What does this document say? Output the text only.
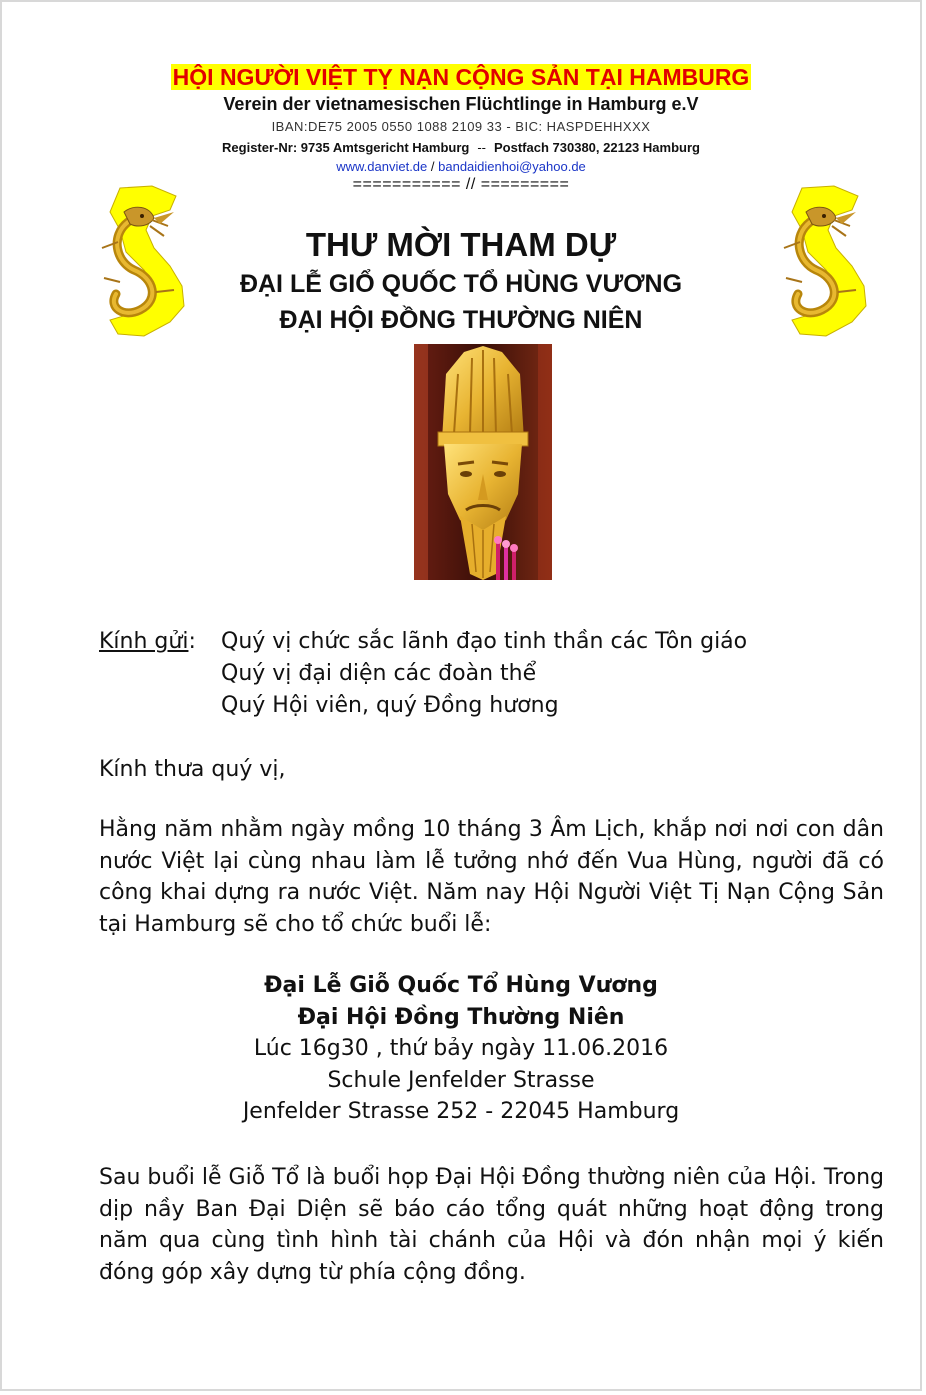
HỘI NGƯỜI VIỆT TỴ NẠN CỘNG SẢN TẠI HAMBURG
Verein der vietnamesischen Flüchtlinge in Hamburg e.V
IBAN:DE75 2005 0550 1088 2109 33 - BIC: HASPDEHHXXX
Register-Nr: 9735 Amtsgericht Hamburg -- Postfach 730380, 22123 Hamburg
www.danviet.de / bandaidienhoi@yahoo.de
=========== // =========
THƯ MỜI THAM DỰ
ĐẠI LỄ GIỔ QUỐC TỔ HÙNG VƯƠNG
ĐẠI HỘI ĐỒNG THƯỜNG NIÊN
Kính gửi:	Quý vị chức sắc lãnh đạo tinh thần các Tôn giáo
Quý vị đại diện các đoàn thể
Quý Hội viên, quý Đồng hương
Kính thưa quý vị,
Hằng năm nhằm ngày mồng 10 tháng 3 Âm Lịch, khắp nơi nơi con dân nước Việt lại cùng nhau làm lễ tưởng nhớ đến Vua Hùng, người đã có công khai dựng ra nước Việt. Năm nay Hội Người Việt Tị Nạn Cộng Sản tại Hamburg sẽ cho tổ chức buổi lễ:
Đại Lễ Giỗ Quốc Tổ Hùng Vương
Đại Hội Đồng Thường Niên
Lúc 16g30 , thứ bảy ngày 11.06.2016
Schule Jenfelder Strasse
Jenfelder Strasse 252 - 22045 Hamburg
Sau buổi lễ Giỗ Tổ là buổi họp Đại Hội Đồng thường niên của Hội. Trong dịp nầy Ban Đại Diện sẽ báo cáo tổng quát những hoạt động trong năm qua cùng tình hình tài chánh của Hội và đón nhận mọi ý kiến đóng góp xây dựng từ phía cộng đồng.
